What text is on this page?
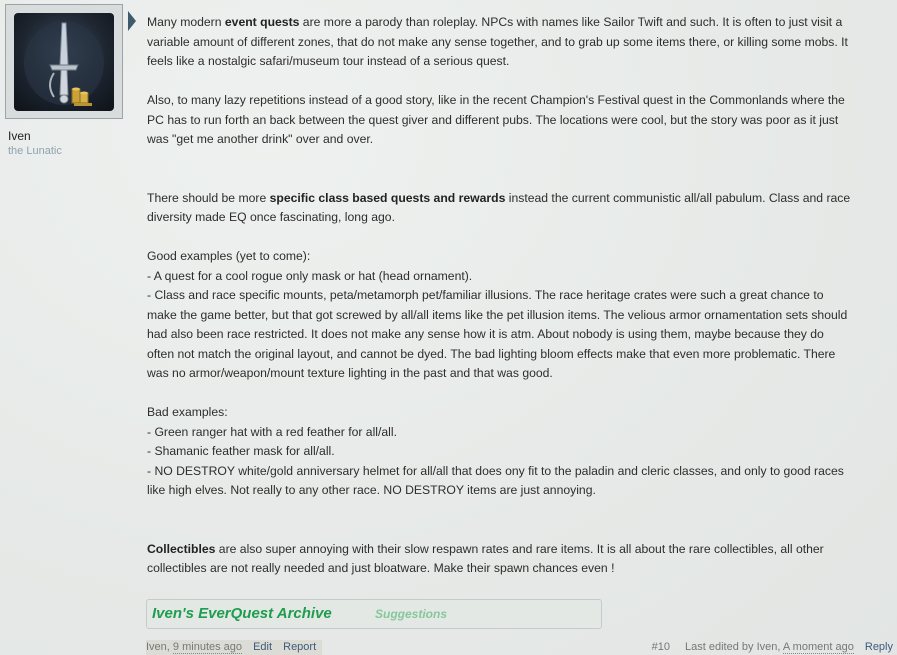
Iven
the Lunatic

Many modern event quests are more a parody than roleplay. NPCs with names like Sailor Twift and such. It is often to just visit a
variable amount of different zones, that do not make any sense together, and to grab up some items there, or killing some mobs. It
feels like a nostalgic safari/museum tour instead of a serious quest.

Also, to many lazy repetitions instead of a good story, like in the recent Champion's Festival quest in the Commonlands where the
PC has to run forth an back between the quest giver and different pubs. The locations were cool, but the story was poor as it just
was "get me another drink" over and over.

There should be more specific class based quests and rewards instead the current communistic all/all pabulum. Class and race
diversity made EQ once fascinating, long ago.

Good examples (yet to come):
- A quest for a cool rogue only mask or hat (head ornament).
- Class and race specific mounts, peta/metamorph pet/familiar illusions. The race heritage crates were such a great chance to
make the game better, but that got screwed by all/all items like the pet illusion items. The velious armor ornamentation sets should
had also been race restricted. It does not make any sense how it is atm. About nobody is using them, maybe because they do
often not match the original layout, and cannot be dyed. The bad lighting bloom effects make that even more problematic. There
was no armor/weapon/mount texture lighting in the past and that was good.

Bad examples:
- Green ranger hat with a red feather for all/all.
- Shamanic feather mask for all/all.
- NO DESTROY white/gold anniversary helmet for all/all that does ony fit to the paladin and cleric classes, and only to good races
like high elves. Not really to any other race. NO DESTROY items are just annoying.

Collectibles are also super annoying with their slow respawn rates and rare items. It is all about the rare collectibles, all other
collectibles are not really needed and just bloatware. Make their spawn chances even !

Iven's EverQuest Archive	Suggestions
Iven, 9 minutes ago Edit Report	#10 Last edited by Iven, A moment ago Reply
